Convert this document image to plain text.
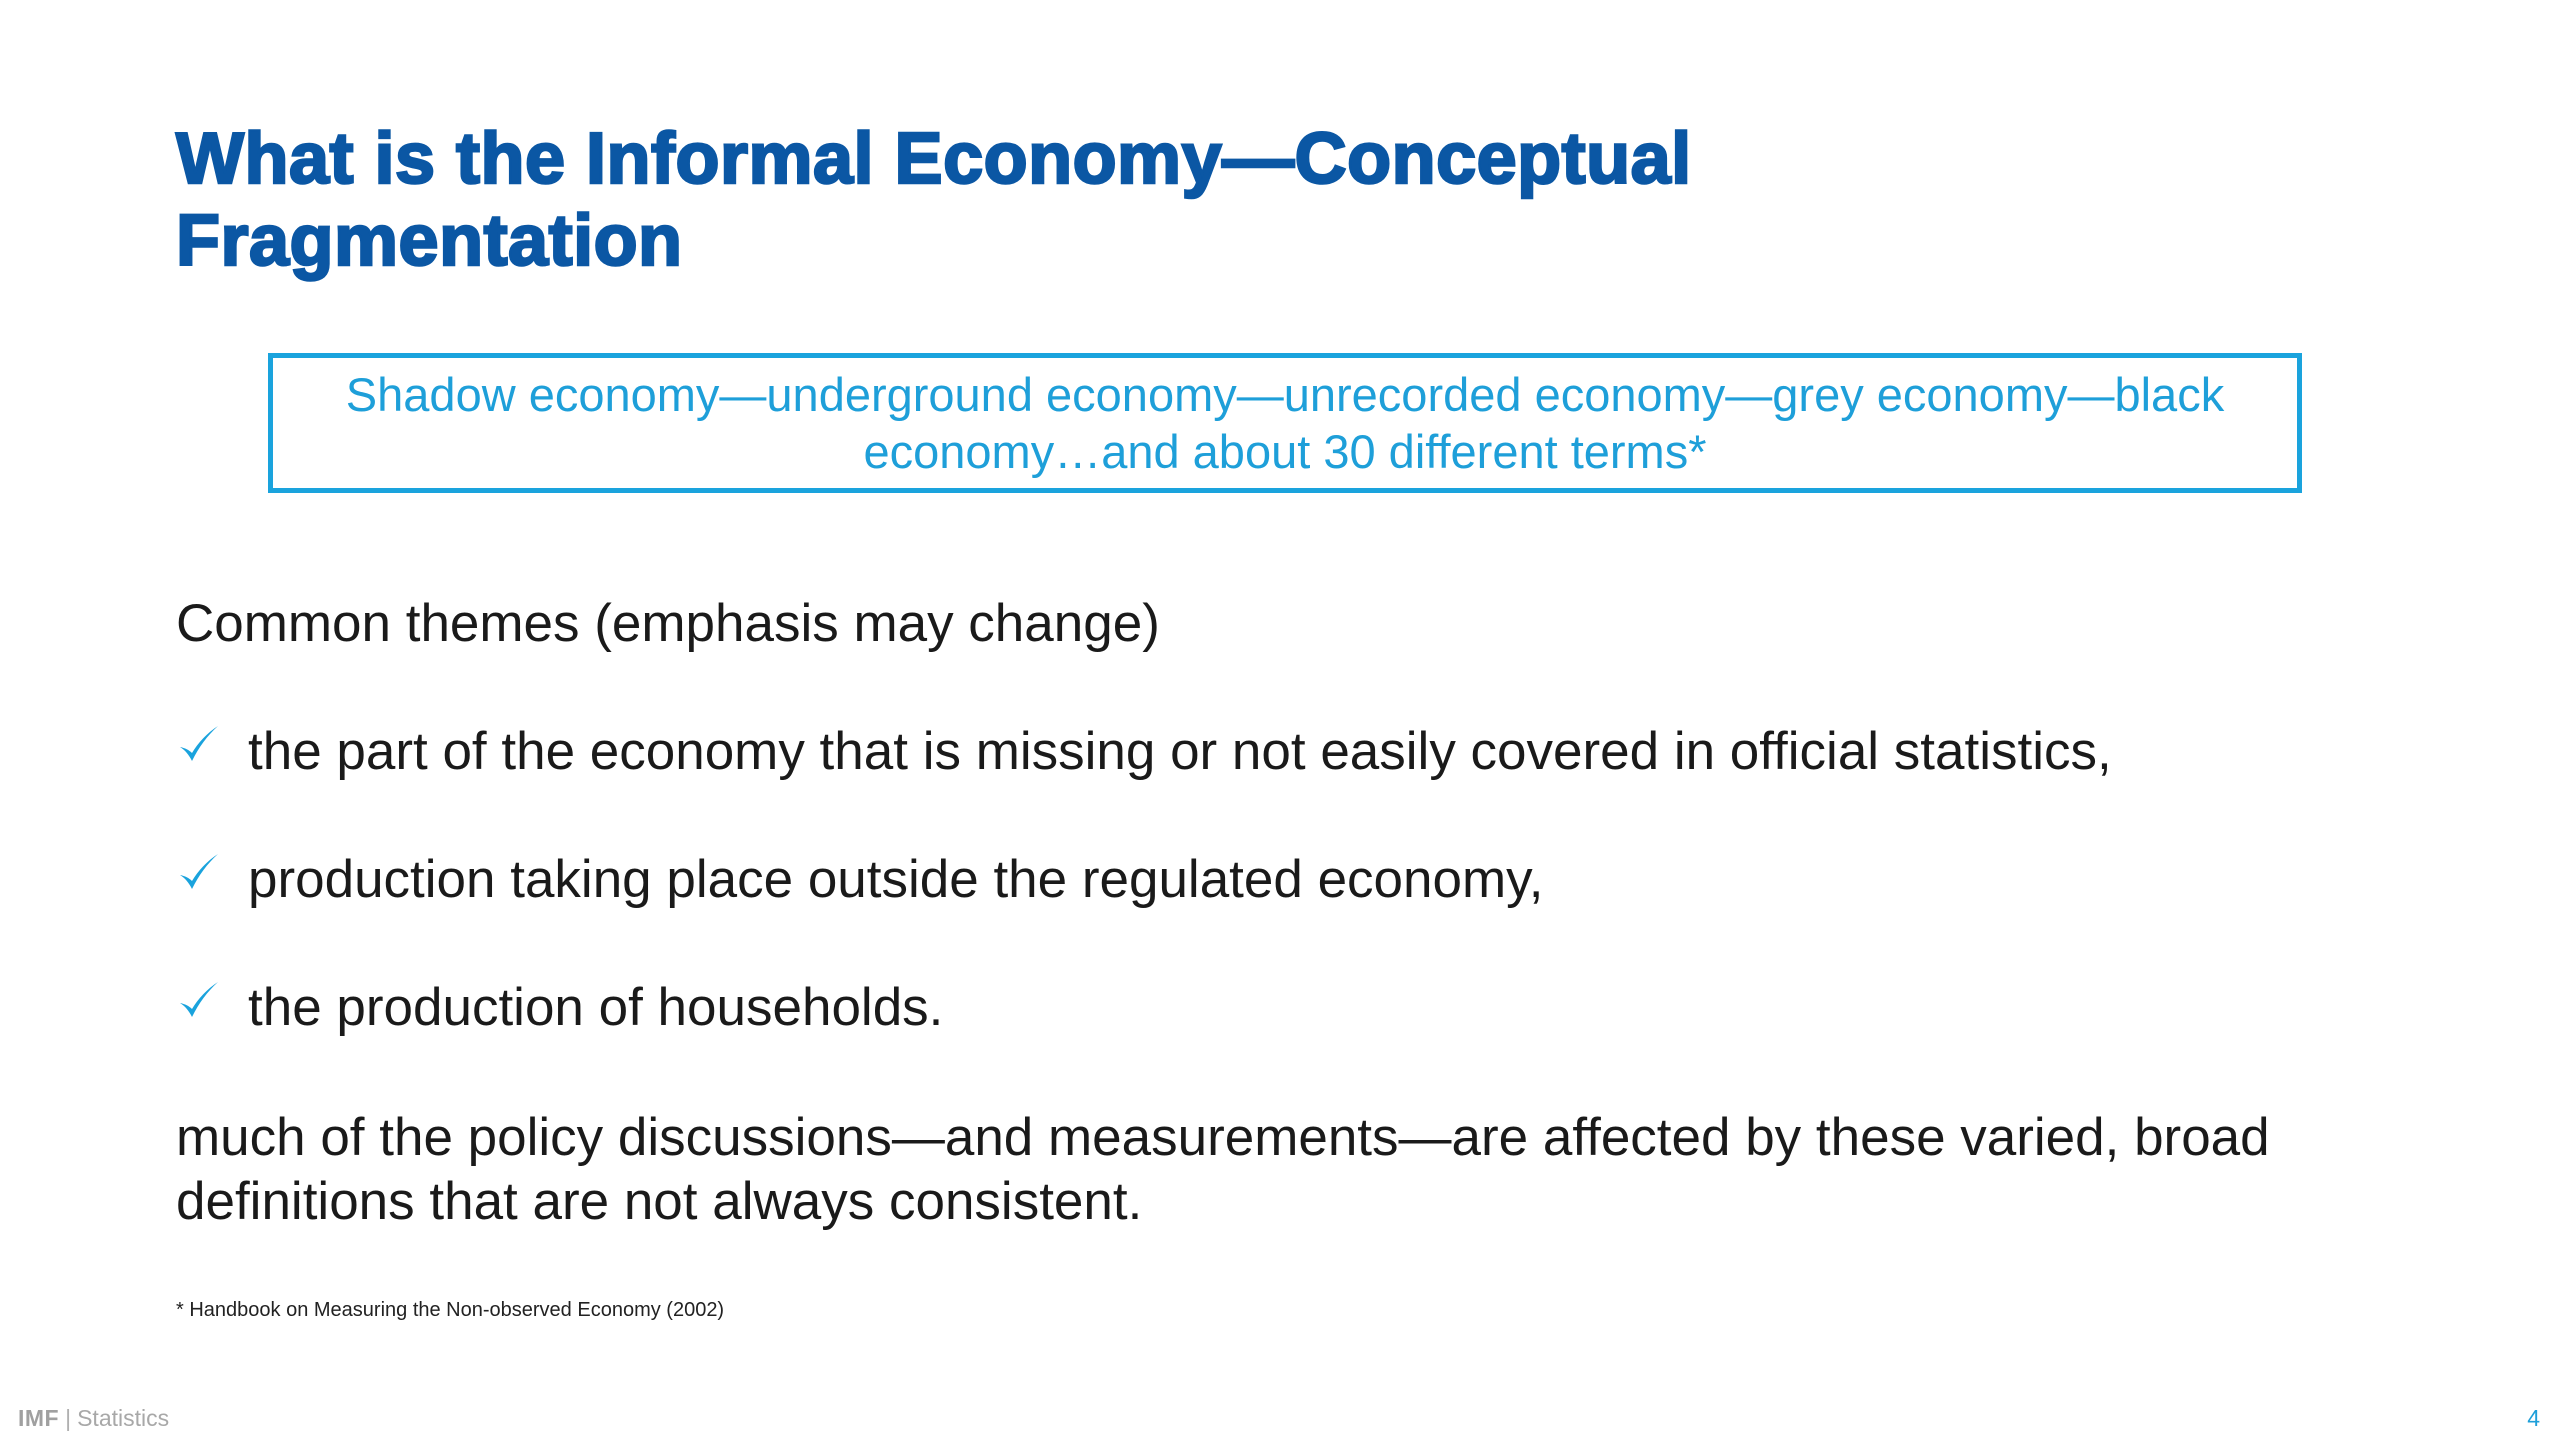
What is the Informal Economy—Conceptual
Fragmentation
Shadow economy—underground economy—unrecorded economy—grey economy—black economy…and about 30 different terms*
Common themes (emphasis may change)
the part of the economy that is missing or not easily covered in official statistics,
production taking place outside the regulated economy,
the production of households.
much of the policy discussions—and measurements—are affected by these varied, broad definitions that are not always consistent.
* Handbook on Measuring the Non-observed Economy (2002)
IMF | Statistics	4
